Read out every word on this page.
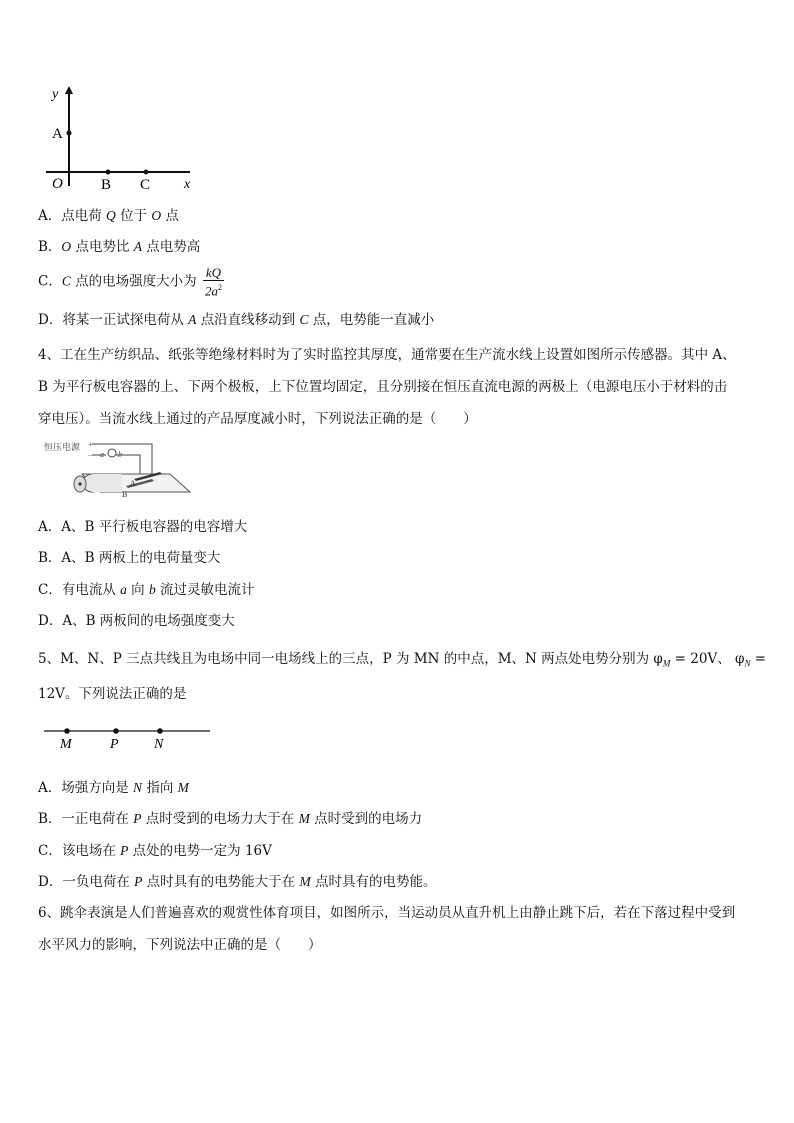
y
A
O	B C x
A．点电荷 Q 位于 O 点
B．O 点电势比 A 点电势高
C．C 点的电场强度大小为 $\frac{kQ}{2a^2}$
D．将某一正试探电荷从 A 点沿直线移动到 C 点，电势能一直减小
4、工在生产纺织品、纸张等绝缘材料时为了实时监控其厚度，通常要在生产流水线上设置如图所示传感器。其中 A、
B 为平行板电容器的上、下两个极板，上下位置均固定，且分别接在恒压直流电源的两极上（电源电压小于材料的击
穿电压）。当流水线上通过的产品厚度减小时，下列说法正确的是（　　）
恒压电源 +
− a b
A
B
A．A、B 平行板电容器的电容增大
B．A、B 两板上的电荷量变大
C．有电流从 a 向 b 流过灵敏电流计
D．A、B 两板间的电场强度变大
5、M、N、P 三点共线且为电场中同一电场线上的三点，P 为 MN 的中点，M、N 两点处电势分别为 $\varphi_M = 20V$、 $\varphi_N$ =
12V。下列说法正确的是
M	P	N
A．场强方向是 N 指向 M
B．一正电荷在 P 点时受到的电场力大于在 M 点时受到的电场力
C．该电场在 P 点处的电势一定为 16V
D．一负电荷在 P 点时具有的电势能大于在 M 点时具有的电势能。
6、跳伞表演是人们普遍喜欢的观赏性体育项目，如图所示，当运动员从直升机上由静止跳下后，若在下落过程中受到
水平风力的影响，下列说法中正确的是（　　）
